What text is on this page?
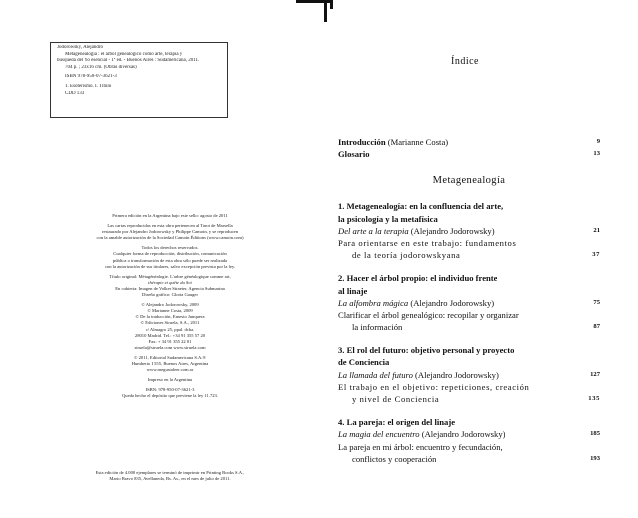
Jodorowsky, Alejandro
Metagenealogía : el árbol genealógico como arte, terapia y
búsqueda del Yo esencial - 1ª ed. - Buenos Aires : Sudamericana, 2011.
704 p. ; 23x16 cm. (Obras diversas)
ISBN 978-950-07-3621-3
1. Esoterismo. I. Título
CDD 133
Primera edición en la Argentina bajo este sello: agosto de 2011
Las cartas reproducidas en esta obra pertenecen al Tarot de Marsella
restaurado por Alejandro Jodorowsky y Philippe Camoin, y se reproducen
con la amable autorización de la Sociedad Camoin Éditions (www.camoin.com)
Todos los derechos reservados.
Cualquier forma de reproducción, distribución, comunicación
pública o transformación de esta obra sólo puede ser realizada
con la autorización de sus titulares, salvo excepción prevista por la ley.
Título original: Métagénéalogie. L'arbre généalogique comme art,
thérapie et quête du Soi
En cubierta: Imagen de Volker Straeter, Agencia Submarina
Diseño gráfico: Gloria Gauger
© Alejandro Jodorowsky, 2009
© Marianne Costa, 2009
© De la traducción, Ernesto Junquera
© Ediciones Siruela, S.A., 2011
c/ Almagro 25, ppal. dcha.
28010 Madrid. Tel.: +34 91 355 57 20
Fax: + 34 91 355 22 01
siruela@siruela.com www.siruela.com
© 2011, Editorial Sudamericana S.A.®
Humberto I 555, Buenos Aires, Argentina
www.megustaleer.com.ar
Impreso en la Argentina
ISBN: 978-950-07-3621-3
Queda hecho el depósito que previene la ley 11.723.
Esta edición de 4.000 ejemplares se terminó de imprimir en Printing Books S.A.,
Mario Bravo 835, Avellaneda, Bs. As., en el mes de julio de 2011.
Índice
Introducción (Marianne Costa)	9
Glosario	13
Metagenealogía
1. Metagenealogía: en la confluencia del arte,
la psicología y la metafísica
Del arte a la terapia (Alejandro Jodorowsky)	21
Para orientarse en este trabajo: fundamentos
de la teoría jodorowskyana	37
2. Hacer el árbol propio: el individuo frente
al linaje
La alfombra mágica (Alejandro Jodorowsky)	75
Clarificar el árbol genealógico: recopilar y organizar
la información	87
3. El rol del futuro: objetivo personal y proyecto
de Conciencia
La llamada del futuro (Alejandro Jodorowsky)	127
El trabajo en el objetivo: repeticiones, creación
y nivel de Conciencia	135
4. La pareja: el origen del linaje
La magia del encuentro (Alejandro Jodorowsky)	185
La pareja en mi árbol: encuentro y fecundación,
conflictos y cooperación	193
